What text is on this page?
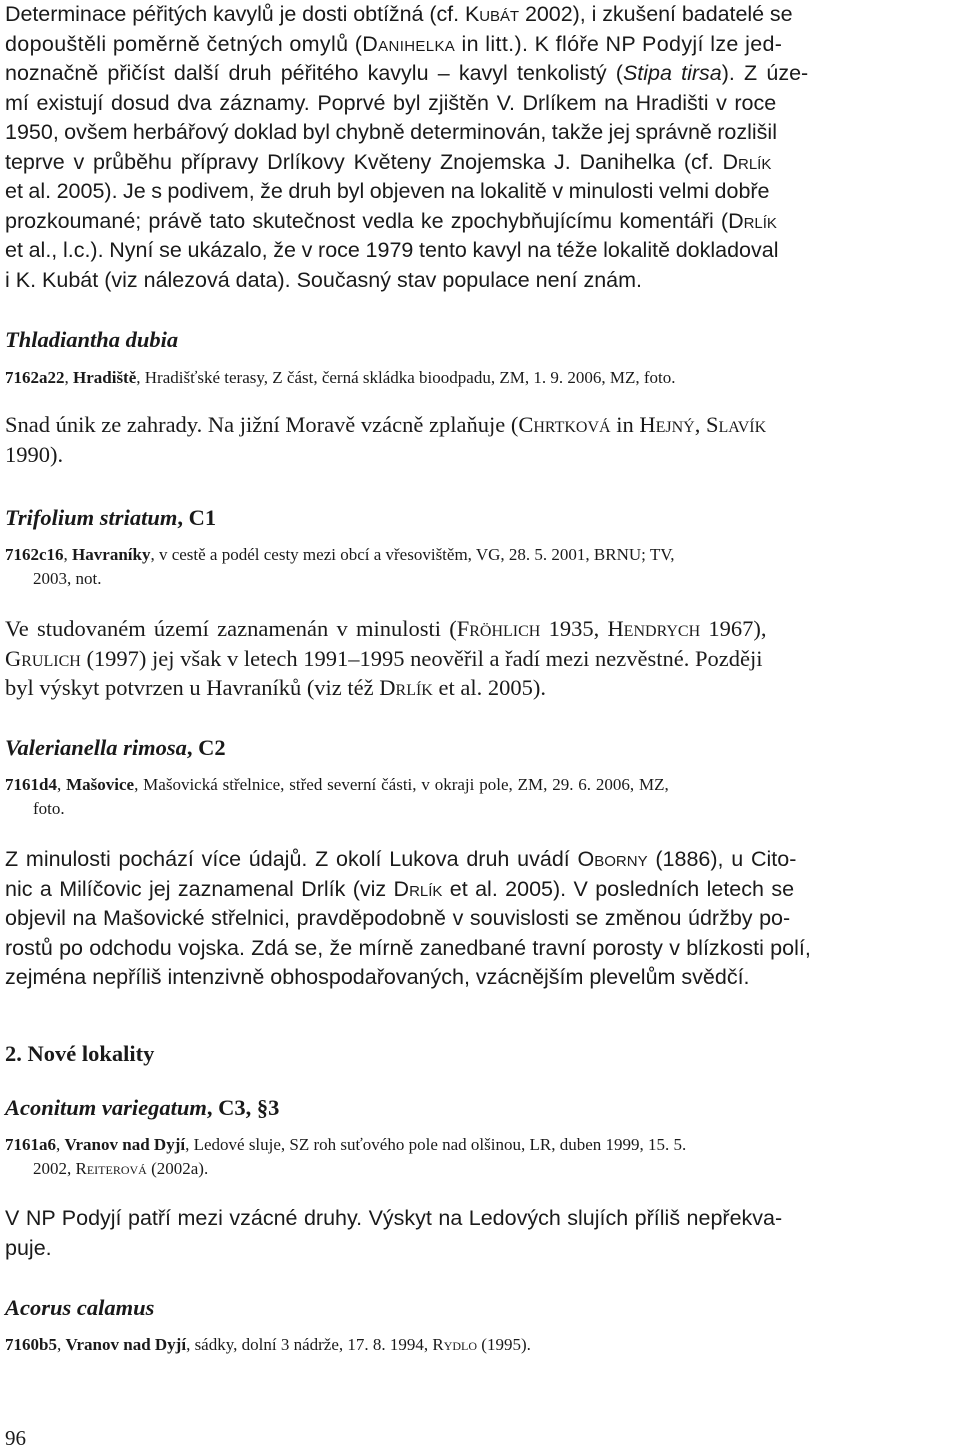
Determinace péřitých kavylů je dosti obtížná (cf. Kubát 2002), i zkušení badatelé se
dopouštěli poměrně četných omylů (Danihelka in litt.). K flóře NP Podyjí lze jed-
noznačně přičíst další druh péřitého kavylu – kavyl tenkolistý (Stipa tirsa). Z úze-
mí existují dosud dva záznamy. Poprvé byl zjištěn V. Drlíkem na Hradišti v roce
1950, ovšem herbářový doklad byl chybně determinován, takže jej správně rozlišil
teprve v průběhu přípravy Drlíkovy Květeny Znojemska J. Danihelka (cf. Drlík
et al. 2005). Je s podivem, že druh byl objeven na lokalitě v minulosti velmi dobře
prozkoumané; právě tato skutečnost vedla ke zpochybňujícímu komentáři (Drlík
et al., l.c.). Nyní se ukázalo, že v roce 1979 tento kavyl na téže lokalitě dokladoval
i K. Kubát (viz nálezová data). Současný stav populace není znám.

Thladiantha dubia

7162a22, Hradiště, Hradišťské terasy, Z část, černá skládka bioodpadu, ZM, 1. 9. 2006, MZ, foto.

Snad únik ze zahrady. Na jižní Moravě vzácně zplaňuje (Chrtková in Hejný, Slavík
1990).

Trifolium striatum, C1

7162c16, Havraníky, v cestě a podél cesty mezi obcí a vřesovištěm, VG, 28. 5. 2001, BRNU; TV,
2003, not.
Ve studovaném území zaznamenán v minulosti (Fröhlich 1935, Hendrych 1967),
Grulich (1997) jej však v letech 1991–1995 neověřil a řadí mezi nezvěstné. Později
byl výskyt potvrzen u Havraníků (viz též Drlík et al. 2005).

Valerianella rimosa, C2

7161d4, Mašovice, Mašovická střelnice, střed severní části, v okraji pole, ZM, 29. 6. 2006, MZ,
foto.
Z minulosti pochází více údajů. Z okolí Lukova druh uvádí Oborny (1886), u Cito-
nic a Milíčovic jej zaznamenal Drlík (viz Drlík et al. 2005). V posledních letech se
objevil na Mašovické střelnici, pravděpodobně v souvislosti se změnou údržby po-
rostů po odchodu vojska. Zdá se, že mírně zanedbané travní porosty v blízkosti polí,
zejména nepříliš intenzivně obhospodařovaných, vzácnějším plevelům svědčí.

2. Nové lokality

Aconitum variegatum, C3, §3

7161a6, Vranov nad Dyjí, Ledové sluje, SZ roh suťového pole nad olšinou, LR, duben 1999, 15. 5.
2002, Reiterová (2002a).
V NP Podyjí patří mezi vzácné druhy. Výskyt na Ledových slujích příliš nepřekva-
puje.

Acorus calamus

7160b5, Vranov nad Dyjí, sádky, dolní 3 nádrže, 17. 8. 1994, Rydlo (1995).

96
